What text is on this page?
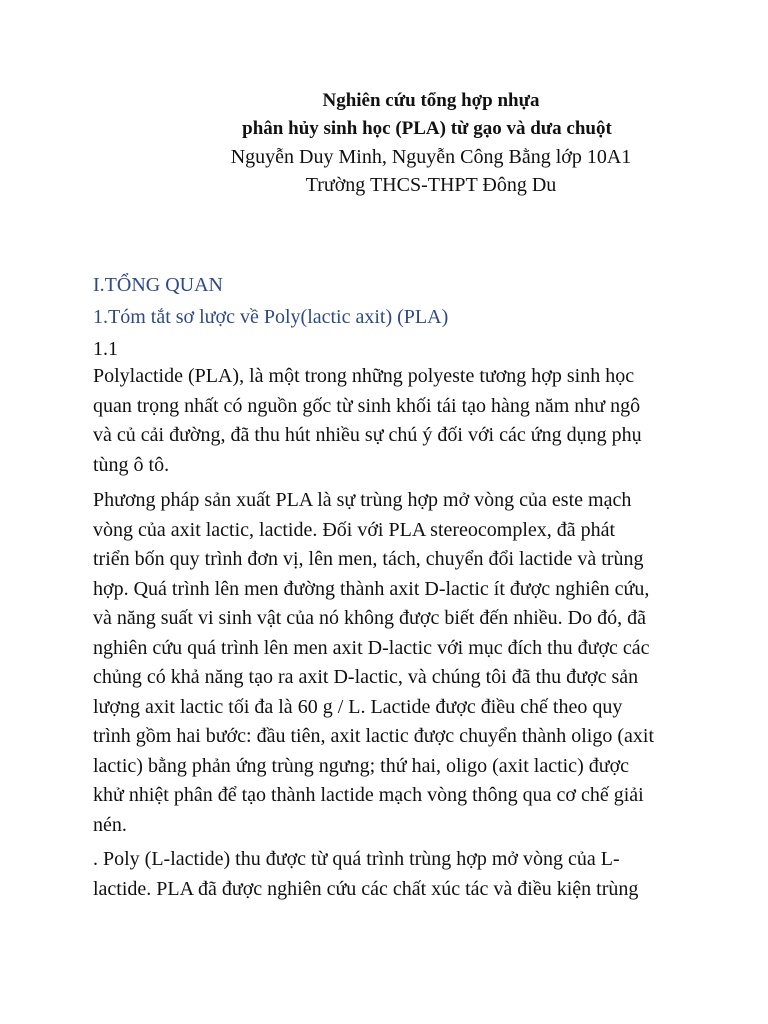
Nghiên cứu tổng hợp nhựa
phân hủy sinh học (PLA) từ gạo và dưa chuột
Nguyễn Duy Minh, Nguyễn Công Bằng lớp 10A1
Trường THCS-THPT Đông Du
I.TỔNG QUAN
1.Tóm tắt sơ lược về Poly(lactic axit) (PLA)
1.1
Polylactide (PLA), là một trong những polyeste tương hợp sinh học
quan trọng nhất có nguồn gốc từ sinh khối tái tạo hàng năm như ngô
và củ cải đường, đã thu hút nhiều sự chú ý đối với các ứng dụng phụ
tùng ô tô.
Phương pháp sản xuất PLA là sự trùng hợp mở vòng của este mạch
vòng của axit lactic, lactide. Đối với PLA stereocomplex, đã phát
triển bốn quy trình đơn vị, lên men, tách, chuyển đổi lactide và trùng
hợp. Quá trình lên men đường thành axit D-lactic ít được nghiên cứu,
và năng suất vi sinh vật của nó không được biết đến nhiều. Do đó, đã
nghiên cứu quá trình lên men axit D-lactic với mục đích thu được các
chủng có khả năng tạo ra axit D-lactic, và chúng tôi đã thu được sản
lượng axit lactic tối đa là 60 g / L. Lactide được điều chế theo quy
trình gồm hai bước: đầu tiên, axit lactic được chuyển thành oligo (axit
lactic) bằng phản ứng trùng ngưng; thứ hai, oligo (axit lactic) được
khử nhiệt phân để tạo thành lactide mạch vòng thông qua cơ chế giải
nén.
. Poly (L-lactide) thu được từ quá trình trùng hợp mở vòng của L-
lactide. PLA đã được nghiên cứu các chất xúc tác và điều kiện trùng
